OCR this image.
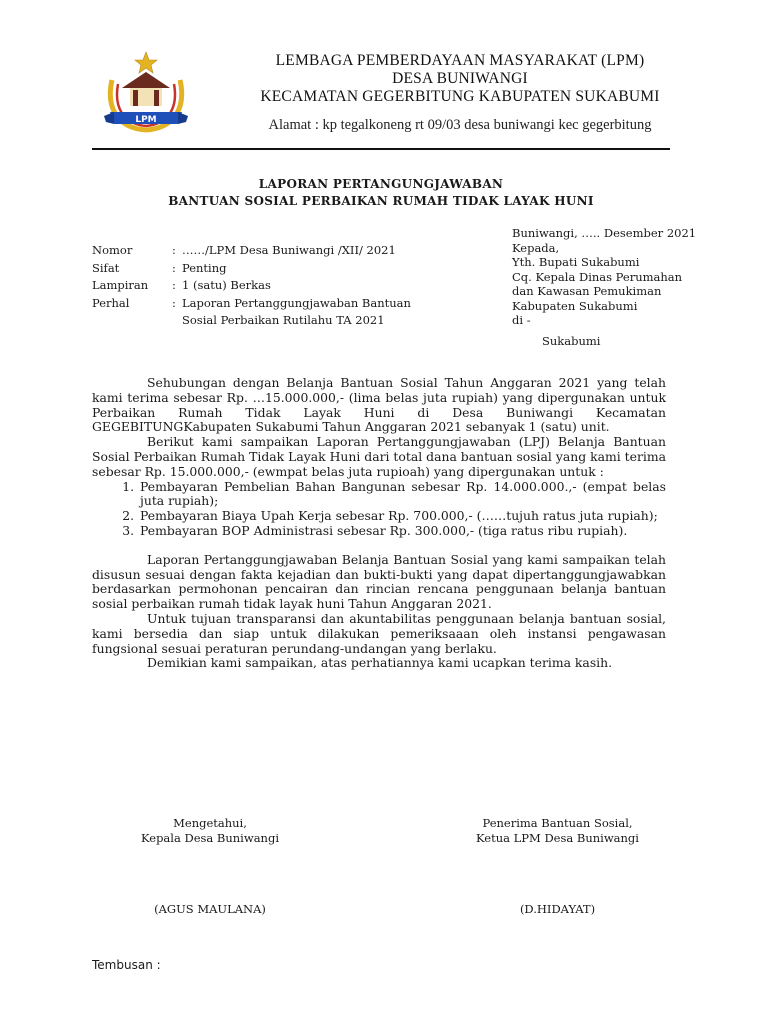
LPM
LEMBAGA PEMBERDAYAAN MASYARAKAT (LPM)
DESA BUNIWANGI
KECAMATAN GEGERBITUNG KABUPATEN SUKABUMI
Alamat : kp tegalkoneng rt 09/03 desa buniwangi kec gegerbitung
LAPORAN PERTANGUNGJAWABAN
BANTUAN SOSIAL PERBAIKAN RUMAH TIDAK LAYAK HUNI
Nomor	: ……/LPM Desa Buniwangi /XII/ 2021
Sifat	: Penting
Lampiran	: 1 (satu) Berkas
Perhal	: Laporan Pertanggungjawaban Bantuan Sosial Perbaikan Rutilahu TA 2021
Buniwangi, ….. Desember 2021
Kepada,
Yth. Bupati Sukabumi
Cq. Kepala Dinas Perumahan
dan Kawasan Pemukiman
Kabupaten Sukabumi
di -
Sukabumi

Sehubungan dengan Belanja Bantuan Sosial Tahun Anggaran 2021 yang telah kami terima sebesar Rp. …15.000.000,- (lima belas juta rupiah) yang dipergunakan untuk Perbaikan Rumah Tidak Layak Huni di Desa Buniwangi Kecamatan GEGEBITUNGKabupaten Sukabumi Tahun Anggaran 2021 sebanyak 1 (satu) unit.

Berikut kami sampaikan Laporan Pertanggungjawaban (LPJ) Belanja Bantuan Sosial Perbaikan Rumah Tidak Layak Huni dari total dana bantuan sosial yang kami terima sebesar Rp. 15.000.000,- (ewmpat belas juta rupioah) yang dipergunakan untuk :

1. Pembayaran Pembelian Bahan Bangunan sebesar Rp. 14.000.000.,- (empat belas juta rupiah);
2. Pembayaran Biaya Upah Kerja sebesar Rp. 700.000,- (……tujuh ratus juta rupiah);
3. Pembayaran BOP Administrasi sebesar Rp. 300.000,- (tiga ratus ribu rupiah).

Laporan Pertanggungjawaban Belanja Bantuan Sosial yang kami sampaikan telah disusun sesuai dengan fakta kejadian dan bukti-bukti yang dapat dipertanggungjawabkan berdasarkan permohonan pencairan dan rincian rencana penggunaan belanja bantuan sosial perbaikan rumah tidak layak huni Tahun Anggaran 2021.

Untuk tujuan transparansi dan akuntabilitas penggunaan belanja bantuan sosial, kami bersedia dan siap untuk dilakukan pemeriksaaan oleh instansi pengawasan fungsional sesuai peraturan perundang-undangan yang berlaku.

Demikian kami sampaikan, atas perhatiannya kami ucapkan terima kasih.

Mengetahui,
Kepala Desa Buniwangi
Penerima Bantuan Sosial,
Ketua LPM Desa Buniwangi
(AGUS MAULANA)	(D.HIDAYAT)
Tembusan :
